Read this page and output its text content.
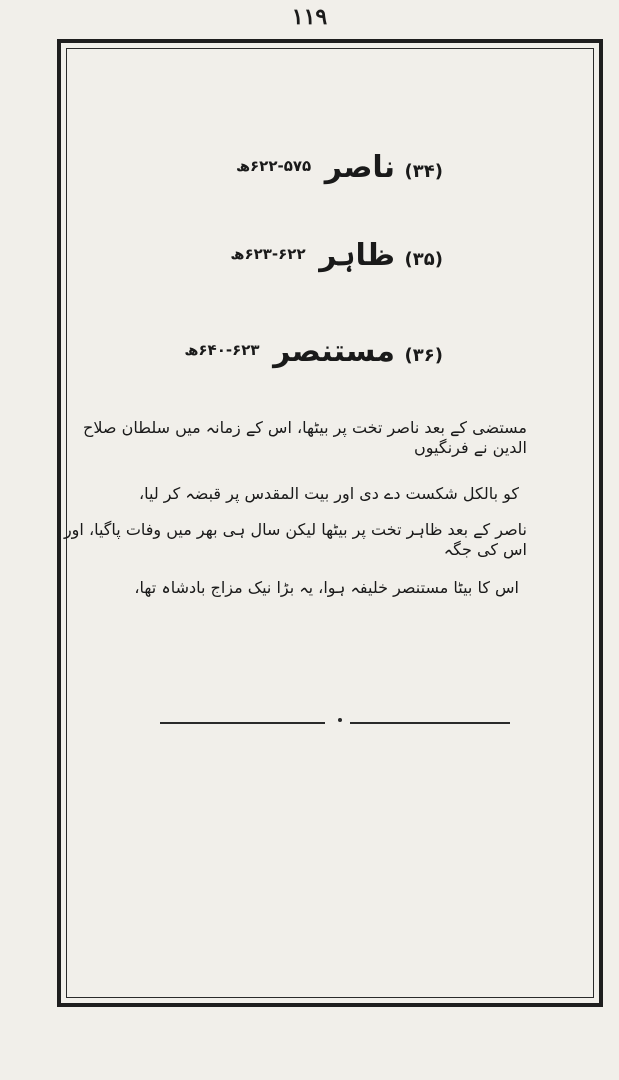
۱۱۹
(۳۴) ناصر ۵۷۵-۶۲۲ھ
(۳۵) ظاہر ۶۲۲-۶۲۳ھ
(۳۶) مستنصر ۶۲۳-۶۴۰ھ
مستضی کے بعد ناصر تخت پر بیٹھا، اس کے زمانہ میں سلطان صلاح الدین نے فرنگیوں
کو بالکل شکست دے دی اور بیت المقدس پر قبضہ کر لیا،
ناصر کے بعد ظاہر تخت پر بیٹھا لیکن سال ہی بھر میں وفات پاگیا، اور اس کی جگہ
اس کا بیٹا مستنصر خلیفہ ہوا، یہ بڑا نیک مزاج بادشاہ تھا،
